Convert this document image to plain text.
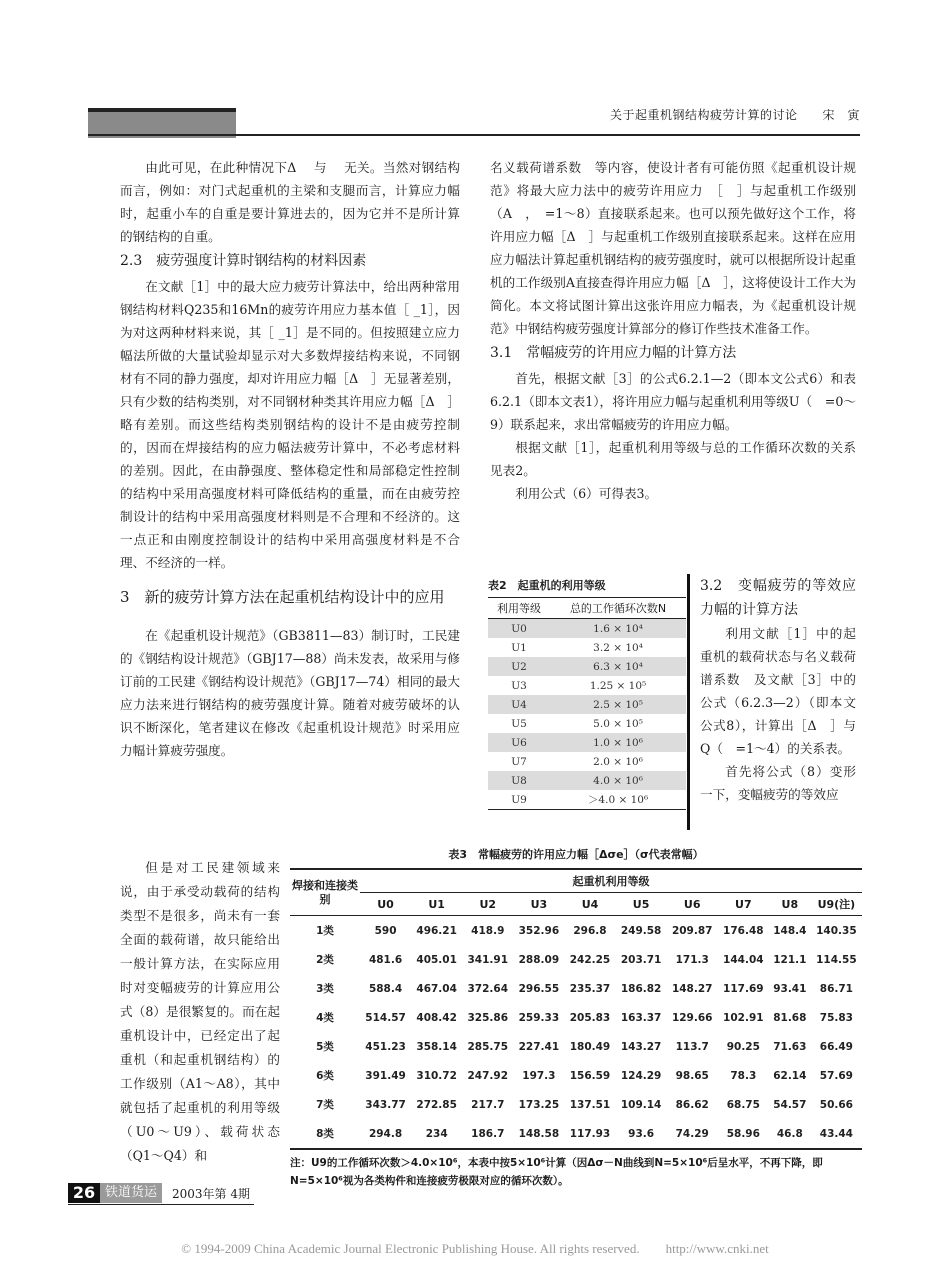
关于起重机钢结构疲劳计算的讨论　　 宋　寅

由此可见，在此种情况下Δ　 与　 无关。当然对钢结构而言，例如：对门式起重机的主梁和支腿而言，计算应力幅时，起重小车的自重是要计算进去的，因为它并不是所计算的钢结构的自重。

2.3　疲劳强度计算时钢结构的材料因素

在文献［1］中的最大应力疲劳计算法中，给出两种常用钢结构材料Q235和16Mn的疲劳许用应力基本值［ _1］，因为对这两种材料来说，其［ _1］是不同的。但按照建立应力幅法所做的大量试验却显示对大多数焊接结构来说，不同钢材有不同的静力强度，却对许用应力幅［Δ　］无显著差别，只有少数的结构类别，对不同钢材种类其许用应力幅［Δ　］略有差别。而这些结构类别钢结构的设计不是由疲劳控制的，因而在焊接结构的应力幅法疲劳计算中，不必考虑材料的差别。因此，在由静强度、整体稳定性和局部稳定性控制的结构中采用高强度材料可降低结构的重量，而在由疲劳控制设计的结构中采用高强度材料则是不合理和不经济的。这一点正和由刚度控制设计的结构中采用高强度材料是不合理、不经济的一样。

3　新的疲劳计算方法在起重机结构设计中的应用

在《起重机设计规范》（GB3811—83）制订时，工民建的《钢结构设计规范》（GBJ17—88）尚未发表，故采用与修订前的工民建《钢结构设计规范》（GBJ17—74）相同的最大应力法来进行钢结构的疲劳强度计算。随着对疲劳破坏的认识不断深化，笔者建议在修改《起重机设计规范》时采用应力幅计算疲劳强度。

名义载荷谱系数　等内容，使设计者有可能仿照《起重机设计规范》将最大应力法中的疲劳许用应力　［　］与起重机工作级别（A　，　=1～8）直接联系起来。也可以预先做好这个工作，将许用应力幅［Δ　］与起重机工作级别直接联系起来。这样在应用应力幅法计算起重机钢结构的疲劳强度时，就可以根据所设计起重机的工作级别A直接查得许用应力幅［Δ　］，这将使设计工作大为简化。本文将试图计算出这张许用应力幅表，为《起重机设计规范》中钢结构疲劳强度计算部分的修订作些技术准备工作。

3.1　常幅疲劳的许用应力幅的计算方法

首先，根据文献［3］的公式6.2.1—2（即本文公式6）和表6.2.1（即本文表1），将许用应力幅与起重机利用等级U（　=0～9）联系起来，求出常幅疲劳的许用应力幅。

根据文献［1］，起重机利用等级与总的工作循环次数的关系见表2。

利用公式（6）可得表3。

表2　起重机的利用等级
利用等级	总的工作循环次数N
U0	1.6 × 10⁴
U1	3.2 × 10⁴
U2	6.3 × 10⁴
U3	1.25 × 10⁵
U4	2.5 × 10⁵
U5	5.0 × 10⁵
U6	1.0 × 10⁶
U7	2.0 × 10⁶
U8	4.0 × 10⁶
U9	＞4.0 × 10⁶

3.2　变幅疲劳的等效应力幅的计算方法

利用文献［1］中的起重机的载荷状态与名义载荷谱系数　及文献［3］中的公式（6.2.3—2）（即本文公式8），计算出［Δ　］与Q（　=1～4）的关系表。

首先将公式（8）变形一下，变幅疲劳的等效应

但是对工民建领域来说，由于承受动载荷的结构类型不是很多，尚未有一套全面的载荷谱，故只能给出一般计算方法，在实际应用时对变幅疲劳的计算应用公式（8）是很繁复的。而在起重机设计中，已经定出了起重机（和起重机钢结构）的工作级别（A1～A8），其中就包括了起重机的利用等级（U0～U9）、载荷状态（Q1～Q4）和

表3　常幅疲劳的许用应力幅［Δσe］（σ代表常幅）
焊接和连接类别	起重机利用等级									
	U0	U1	U2	U3	U4	U5	U6	U7	U8	U9(注)
1类	590	496.21	418.9	352.96	296.8	249.58	209.87	176.48	148.4	140.35
2类	481.6	405.01	341.91	288.09	242.25	203.71	171.3	144.04	121.1	114.55
3类	588.4	467.04	372.64	296.55	235.37	186.82	148.27	117.69	93.41	86.71
4类	514.57	408.42	325.86	259.33	205.83	163.37	129.66	102.91	81.68	75.83
5类	451.23	358.14	285.75	227.41	180.49	143.27	113.7	90.25	71.63	66.49
6类	391.49	310.72	247.92	197.3	156.59	124.29	98.65	78.3	62.14	57.69
7类	343.77	272.85	217.7	173.25	137.51	109.14	86.62	68.75	54.57	50.66
8类	294.8	234	186.7	148.58	117.93	93.6	74.29	58.96	46.8	43.44
注：U9的工作循环次数＞4.0×10⁶，本表中按5×10⁶计算（因Δσ－N曲线到N=5×10⁶后呈水平，不再下降，即N=5×10⁶视为各类构件和连接疲劳极限对应的循环次数）。
26 铁道货运	2003年第 4期
© 1994-2009 China Academic Journal Electronic Publishing House. All rights reserved.　　http://www.cnki.net
